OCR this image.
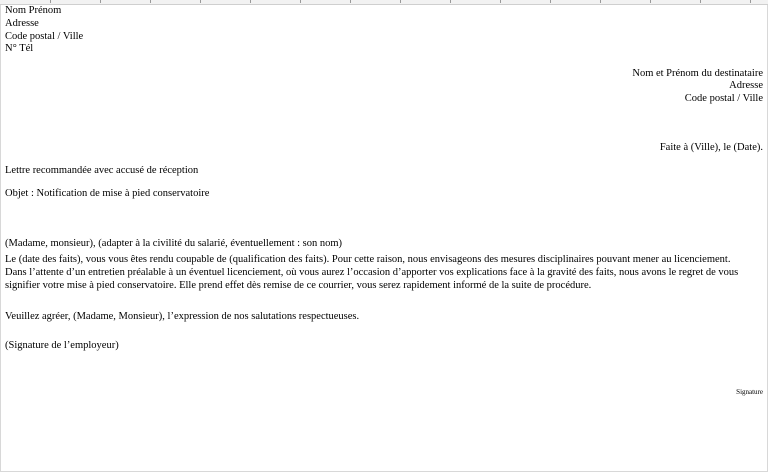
Nom Prénom
Adresse
Code postal / Ville
N° Tél
Nom et Prénom du destinataire
Adresse
Code postal / Ville
Faite à (Ville), le (Date).
Lettre recommandée avec accusé de réception
Objet : Notification de mise à pied conservatoire
(Madame, monsieur), (adapter à la civilité du salarié, éventuellement : son nom)
Le (date des faits), vous vous êtes rendu coupable de (qualification des faits). Pour cette raison, nous envisageons des mesures disciplinaires pouvant mener au licenciement.
Dans l’attente d’un entretien préalable à un éventuel licenciement, où vous aurez l’occasion d’apporter vos explications face à la gravité des faits, nous avons le regret de vous
signifier votre mise à pied conservatoire. Elle prend effet dès remise de ce courrier, vous serez rapidement informé de la suite de procédure.
Veuillez agréer, (Madame, Monsieur), l’expression de nos salutations respectueuses.
(Signature de l’employeur)
Signature
